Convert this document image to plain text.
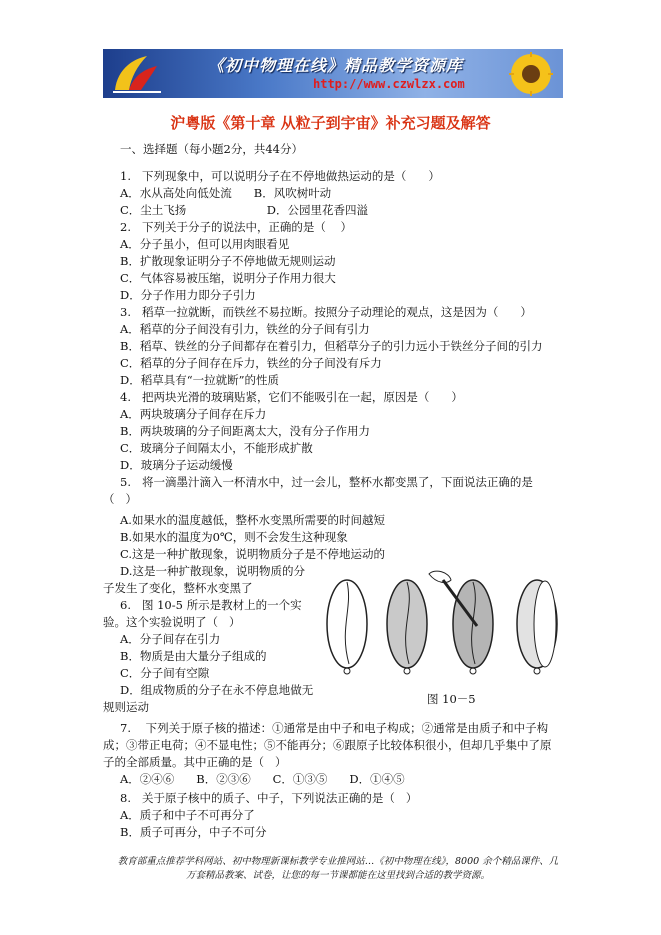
《初中物理在线》精品教学资源库
http://www.czwlzx.com
沪粤版《第十章 从粒子到宇宙》补充习题及解答
一、选择题（每小题2分，共44分）
1.   下列现象中，可以说明分子在不停地做热运动的是（      ）
A．水从高处向低处流      B．风吹树叶动
C．尘土飞扬                      D．公园里花香四溢
2.   下列关于分子的说法中，正确的是（    ）
A．分子虽小，但可以用肉眼看见
B．扩散现象证明分子不停地做无规则运动
C．气体容易被压缩，说明分子作用力很大
D．分子作用力即分子引力
3.   稻草一拉就断，而铁丝不易拉断。按照分子动理论的观点，这是因为（      ）
A．稻草的分子间没有引力，铁丝的分子间有引力
B．稻草、铁丝的分子间都存在着引力，但稻草分子的引力远小于铁丝分子间的引力
C．稻草的分子间存在斥力，铁丝的分子间没有斥力
D．稻草具有“一拉就断”的性质
4.   把两块光滑的玻璃贴紧，它们不能吸引在一起，原因是（      ）
A．两块玻璃分子间存在斥力
B．两块玻璃的分子间距离太大，没有分子作用力
C．玻璃分子间隔太小，不能形成扩散
D．玻璃分子运动缓慢
5.   将一滴墨汁滴入一杯清水中，过一会儿，整杯水都变黑了，下面说法正确的是
（   ）
A.如果水的温度越低，整杯水变黑所需要的时间越短
B.如果水的温度为0℃，则不会发生这种现象
C.这是一种扩散现象，说明物质分子是不停地运动的
D.这是一种扩散现象，说明物质的分
子发生了变化，整杯水变黑了
6.   图 10-5 所示是教材上的一个实
验。这个实验说明了（   ）
A．分子间存在引力
B．物质是由大量分子组成的
C．分子间有空隙
D．组成物质的分子在永不停息地做无
规则运动
7.    下列关于原子核的描述：①通常是由中子和电子构成；②通常是由质子和中子构
成；③带正电荷；④不显电性；⑤不能再分；⑥跟原子比较体积很小，但却几乎集中了原
子的全部质量。其中正确的是（   ）
A．②④⑥      B．②③⑥      C．①③⑤      D．①④⑤
8.   关于原子核中的质子、中子，下列说法正确的是（   ）
A．质子和中子不可再分了
B．质子可再分，中子不可分
图 10－5
教育部重点推荐学科网站、初中物理新课标教学专业推网站…《初中物理在线》，8000 余个精品课件、几
万套精品教案、试卷，让您的每一节课都能在这里找到合适的教学资源。
